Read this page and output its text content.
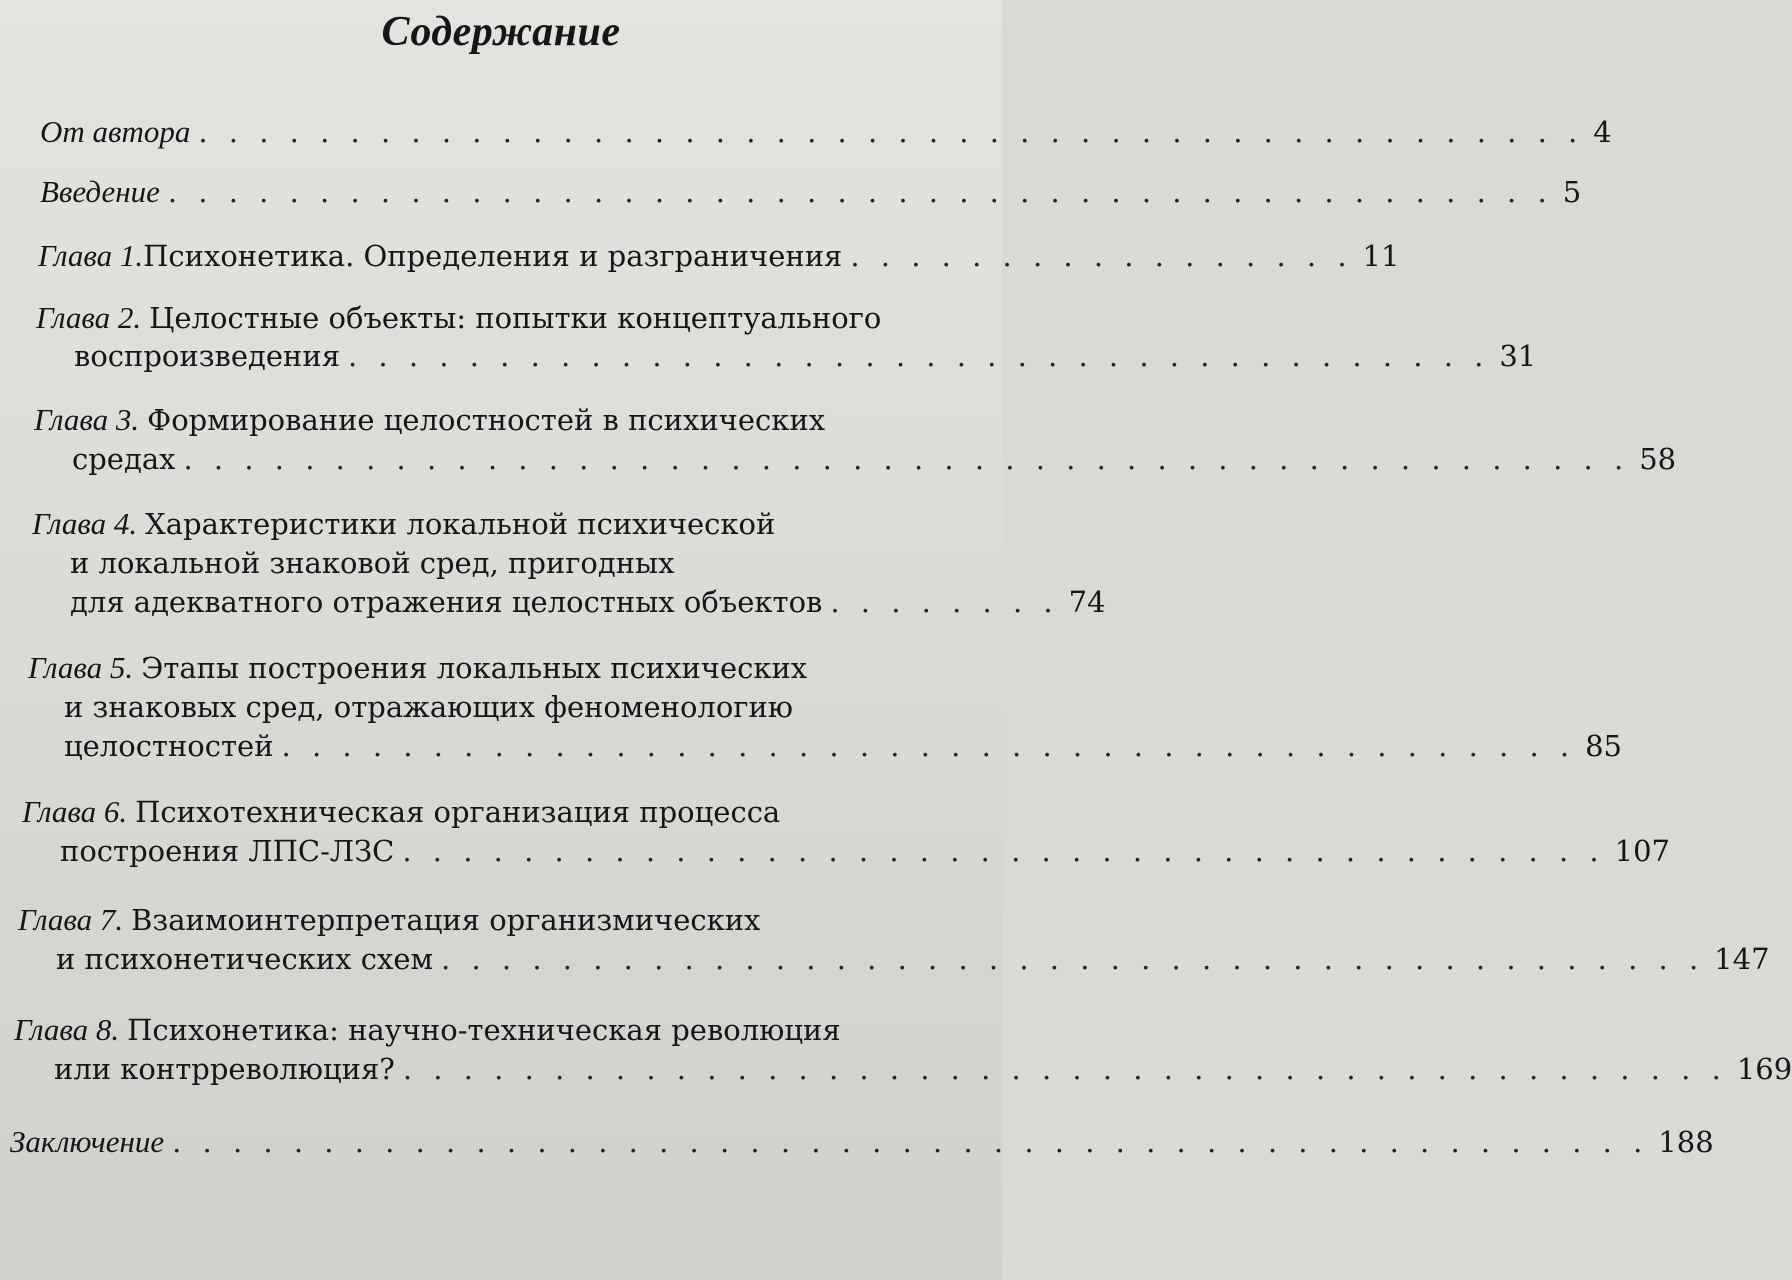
Содержание
От автора . . . . . . . . . . . . . . . . . . . . . . . . . . . . . . . . . . . . . . . . . . . . . . 4
Введение . . . . . . . . . . . . . . . . . . . . . . . . . . . . . . . . . . . . . . . . . . . . . . 5
Глава 1. Психонетика. Определения и разграничения . . . . . . . . . . . . . . . . . 11
Глава 2. Целостные объекты: попытки концептуального
воспроизведения . . . . . . . . . . . . . . . . . . . . . . . . . . . . . . . . . . . . . . 31
Глава 3. Формирование целостностей в психических
средах . . . . . . . . . . . . . . . . . . . . . . . . . . . . . . . . . . . . . . . . . . . . . . . . 58
Глава 4. Характеристики локальной психической
и локальной знаковой сред, пригодных
для адекватного отражения целостных объектов . . . . . . . . 74
Глава 5. Этапы построения локальных психических
и знаковых сред, отражающих феноменологию
целостностей . . . . . . . . . . . . . . . . . . . . . . . . . . . . . . . . . . . . . . . . . . . 85
Глава 6. Психотехническая организация процесса
построения ЛПС-ЛЗС . . . . . . . . . . . . . . . . . . . . . . . . . . . . . . . . . . . . . . . . 107
Глава 7. Взаимоинтерпретация организмических
и психонетических схем . . . . . . . . . . . . . . . . . . . . . . . . . . . . . . . . . . . . . . . . . . 147
Глава 8. Психонетика: научно-техническая революция
или контрреволюция? . . . . . . . . . . . . . . . . . . . . . . . . . . . . . . . . . . . . . . . . . . . . 169
Заключение . . . . . . . . . . . . . . . . . . . . . . . . . . . . . . . . . . . . . . . . . . . . . . . . . 188
